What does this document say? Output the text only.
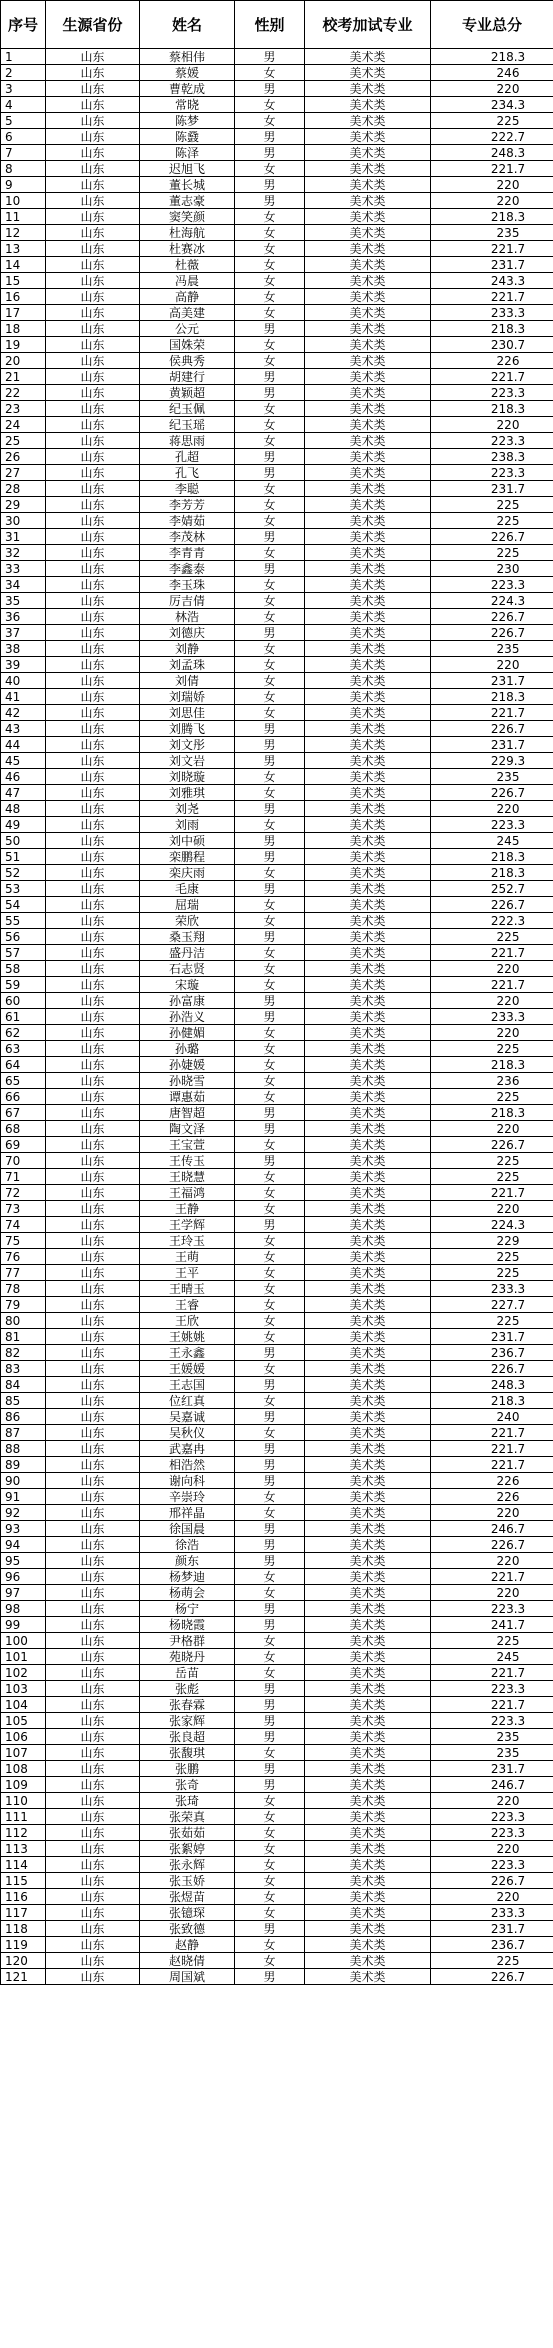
序号	生源省份	姓名	性别	校考加试专业	专业总分
1	山东	蔡相伟	男	美术类	218.3
2	山东	蔡媛	女	美术类	246
3	山东	曹乾成	男	美术类	220
4	山东	常晓	女	美术类	234.3
5	山东	陈梦	女	美术类	225
6	山东	陈鼗	男	美术类	222.7
7	山东	陈泽	男	美术类	248.3
8	山东	迟旭飞	女	美术类	221.7
9	山东	董长城	男	美术类	220
10	山东	董志豪	男	美术类	220
11	山东	窦笑颜	女	美术类	218.3
12	山东	杜海航	女	美术类	235
13	山东	杜赛冰	女	美术类	221.7
14	山东	杜薇	女	美术类	231.7
15	山东	冯晨	女	美术类	243.3
16	山东	高静	女	美术类	221.7
17	山东	高美建	女	美术类	233.3
18	山东	公元	男	美术类	218.3
19	山东	国姝荣	女	美术类	230.7
20	山东	侯典秀	女	美术类	226
21	山东	胡建行	男	美术类	221.7
22	山东	黄颖超	男	美术类	223.3
23	山东	纪玉佩	女	美术类	218.3
24	山东	纪玉瑶	女	美术类	220
25	山东	蒋思雨	女	美术类	223.3
26	山东	孔超	男	美术类	238.3
27	山东	孔飞	男	美术类	223.3
28	山东	李聪	女	美术类	231.7
29	山东	李芳芳	女	美术类	225
30	山东	李婧茹	女	美术类	225
31	山东	李茂林	男	美术类	226.7
32	山东	李青青	女	美术类	225
33	山东	李鑫泰	男	美术类	230
34	山东	李玉珠	女	美术类	223.3
35	山东	厉吉倩	女	美术类	224.3
36	山东	林浩	女	美术类	226.7
37	山东	刘德庆	男	美术类	226.7
38	山东	刘静	女	美术类	235
39	山东	刘孟珠	女	美术类	220
40	山东	刘倩	女	美术类	231.7
41	山东	刘瑞娇	女	美术类	218.3
42	山东	刘思佳	女	美术类	221.7
43	山东	刘腾飞	男	美术类	226.7
44	山东	刘文彤	男	美术类	231.7
45	山东	刘文岩	男	美术类	229.3
46	山东	刘晓璇	女	美术类	235
47	山东	刘雅琪	女	美术类	226.7
48	山东	刘尧	男	美术类	220
49	山东	刘雨	女	美术类	223.3
50	山东	刘中硕	男	美术类	245
51	山东	栾鹏程	男	美术类	218.3
52	山东	栾庆雨	女	美术类	218.3
53	山东	毛康	男	美术类	252.7
54	山东	屈瑞	女	美术类	226.7
55	山东	荣欣	女	美术类	222.3
56	山东	桑玉翔	男	美术类	225
57	山东	盛丹洁	女	美术类	221.7
58	山东	石志贤	女	美术类	220
59	山东	宋璇	女	美术类	221.7
60	山东	孙富康	男	美术类	220
61	山东	孙浩义	男	美术类	233.3
62	山东	孙健媚	女	美术类	220
63	山东	孙璐	女	美术类	225
64	山东	孙婕媛	女	美术类	218.3
65	山东	孙晓雪	女	美术类	236
66	山东	谭惠茹	女	美术类	225
67	山东	唐智超	男	美术类	218.3
68	山东	陶文泽	男	美术类	220
69	山东	王宝萱	女	美术类	226.7
70	山东	王传玉	男	美术类	225
71	山东	王晓慧	女	美术类	225
72	山东	王福鸿	女	美术类	221.7
73	山东	王静	女	美术类	220
74	山东	王学辉	男	美术类	224.3
75	山东	王玲玉	女	美术类	229
76	山东	王萌	女	美术类	225
77	山东	王平	女	美术类	225
78	山东	王晴玉	女	美术类	233.3
79	山东	王睿	女	美术类	227.7
80	山东	王欣	女	美术类	225
81	山东	王姚姚	女	美术类	231.7
82	山东	王永鑫	男	美术类	236.7
83	山东	王媛媛	女	美术类	226.7
84	山东	王志国	男	美术类	248.3
85	山东	位红真	女	美术类	218.3
86	山东	吴嘉诚	男	美术类	240
87	山东	吴秋仪	女	美术类	221.7
88	山东	武嘉冉	男	美术类	221.7
89	山东	相浩然	男	美术类	221.7
90	山东	谢向科	男	美术类	226
91	山东	辛崇玲	女	美术类	226
92	山东	邢祥晶	女	美术类	220
93	山东	徐国晨	男	美术类	246.7
94	山东	徐浩	男	美术类	226.7
95	山东	颜东	男	美术类	220
96	山东	杨梦迪	女	美术类	221.7
97	山东	杨萌会	女	美术类	220
98	山东	杨宁	男	美术类	223.3
99	山东	杨晓霞	男	美术类	241.7
100	山东	尹格群	女	美术类	225
101	山东	苑晓丹	女	美术类	245
102	山东	岳苗	女	美术类	221.7
103	山东	张彪	男	美术类	223.3
104	山东	张春霖	男	美术类	221.7
105	山东	张家辉	男	美术类	223.3
106	山东	张良超	男	美术类	235
107	山东	张馥琪	女	美术类	235
108	山东	张鹏	男	美术类	231.7
109	山东	张奇	男	美术类	246.7
110	山东	张琦	女	美术类	220
111	山东	张荣真	女	美术类	223.3
112	山东	张茹茹	女	美术类	223.3
113	山东	张絮婷	女	美术类	220
114	山东	张永辉	女	美术类	223.3
115	山东	张玉娇	女	美术类	226.7
116	山东	张煜苗	女	美术类	220
117	山东	张镱琛	女	美术类	233.3
118	山东	张致德	男	美术类	231.7
119	山东	赵静	女	美术类	236.7
120	山东	赵晓倩	女	美术类	225
121	山东	周国斌	男	美术类	226.7
